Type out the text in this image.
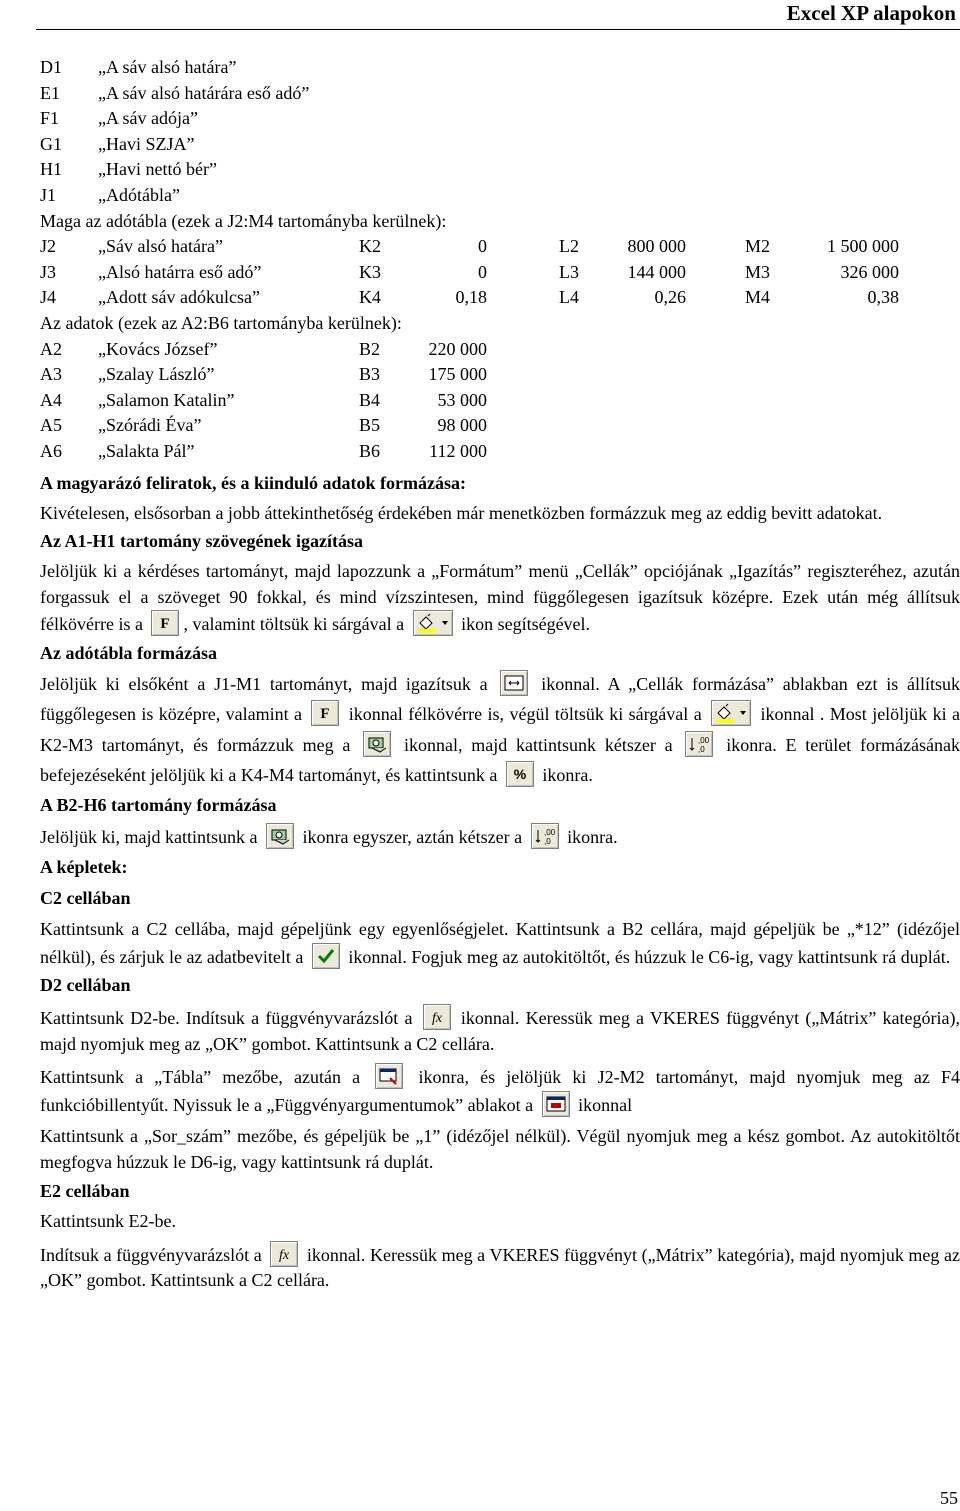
Excel XP alapokon
D1 „A sáv alsó határa”
E1 „A sáv alsó határára eső adó”
F1 „A sáv adója”
G1 „Havi SZJA”
H1 „Havi nettó bér”
J1 „Adótábla”
Maga az adótábla (ezek a J2:M4 tartományba kerülnek):
J2 „Sáv alsó határa”	K2	0	L2	800 000	M2	1 500 000
J3 „Alsó határra eső adó”	K3	0	L3	144 000	M3	326 000
J4 „Adott sáv adókulcsa”	K4	0,18	L4	0,26	M4	0,38
Az adatok (ezek az A2:B6 tartományba kerülnek):
A2 „Kovács József”	B2	220 000
A3 „Szalay László”	B3	175 000
A4 „Salamon Katalin”	B4	53 000
A5 „Szórádi Éva”	B5	98 000
A6 „Salakta Pál”	B6	112 000
A magyarázó feliratok, és a kiinduló adatok formázása:

Kivételesen, elsősorban a jobb áttekinthetőség érdekében már menetközben formázzuk meg az eddig bevitt adatokat.

Az A1-H1 tartomány szövegének igazítása

Jelöljük ki a kérdéses tartományt, majd lapozzunk a „Formátum” menü „Cellák” opciójának „Igazítás” regiszteréhez, azután forgassuk el a szöveget 90 fokkal, és mind vízszintesen, mind függőlegesen igazítsuk középre. Ezek után még állítsuk félkövérre is a F , valamint töltsük ki sárgával a	ikon segítségével.

Az adótábla formázása

Jelöljük ki elsőként a J1-M1 tartományt, majd igazítsuk a
ikonnal. A „Cellák formázása” ablakban ezt is állítsuk függőlegesen is középre, valamint a F ikonnal félkövérre is, végül töltsük ki sárgával a	ikonnal . Most jelöljük ki a K2-M3 tartományt, és formázzuk meg a
ikonnal, majd kattintsunk kétszer a ,00
,0 ikonra. E terület formázásának befejezéseként jelöljük ki a K4-M4 tartományt, és kattintsunk a % ikonra.

A B2-H6 tartomány formázása

Jelöljük ki, majd kattintsunk a
ikonra egyszer, aztán kétszer a ,00
,0 ikonra.

A képletek:
C2 cellában

Kattintsunk a C2 cellába, majd gépeljünk egy egyenlőségjelet. Kattintsunk a B2 cellára, majd gépeljük be „*12” (idézőjel nélkül), és zárjuk le az adatbevitelt a
ikonnal. Fogjuk meg az autokitöltőt, és húzzuk le C6-ig, vagy kattintsunk rá duplát.

D2 cellában

Kattintsunk D2-be. Indítsuk a függvényvarázslót a fx ikonnal. Keressük meg a VKERES függvényt („Mátrix” kategória), majd nyomjuk meg az „OK” gombot. Kattintsunk a C2 cellára.

Kattintsunk a „Tábla” mezőbe, azután a
ikonra, és jelöljük ki J2-M2 tartományt, majd nyomjuk meg az F4 funkcióbillentyűt. Nyissuk le a „Függvényargumentumok” ablakot a
ikonnal

Kattintsunk a „Sor_szám” mezőbe, és gépeljük be „1” (idézőjel nélkül). Végül nyomjuk meg a kész gombot. Az autokitöltőt megfogva húzzuk le D6-ig, vagy kattintsunk rá duplát.

E2 cellában

Kattintsunk E2-be.

Indítsuk a függvényvarázslót a fx ikonnal. Keressük meg a VKERES függvényt („Mátrix” kategória), majd nyomjuk meg az „OK” gombot. Kattintsunk a C2 cellára.

55
